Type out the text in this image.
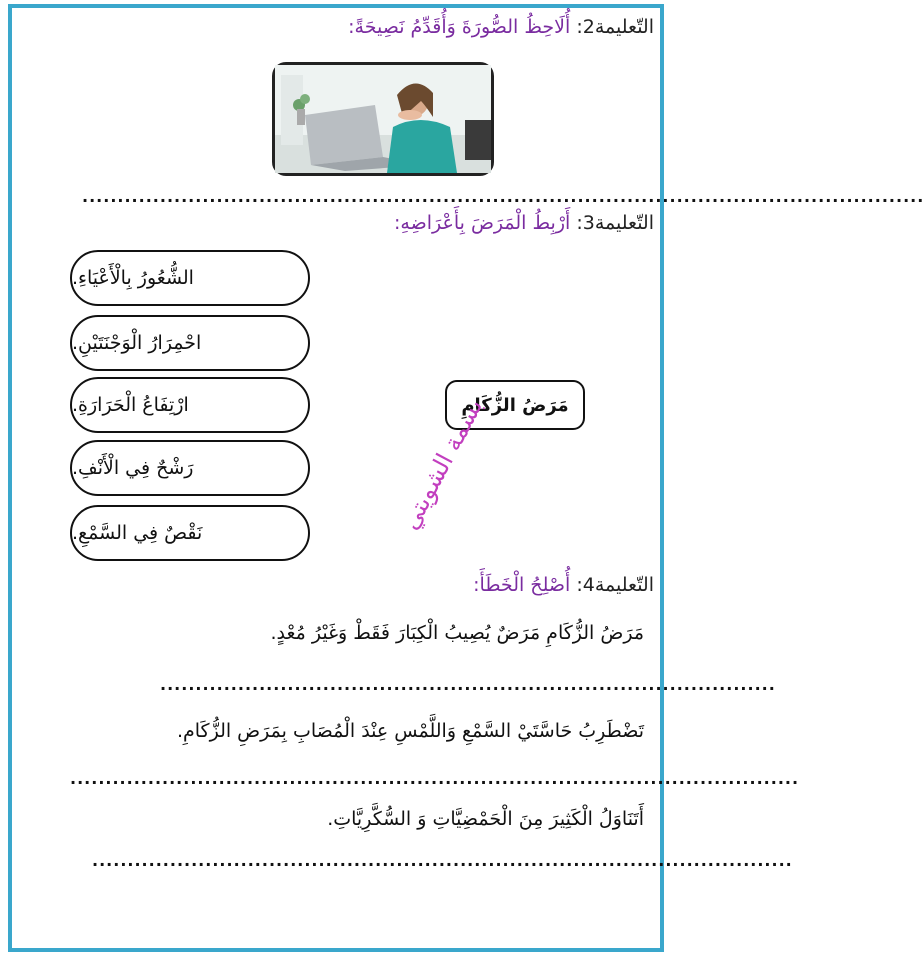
التّعليمة2: أُلَاحِظُ الصُّورَةَ وَأُقَدِّمُ نَصِيحَةً:
.......................................................................................................................
التّعليمة3: أَرْبِطُ الْمَرَضَ بِأَعْرَاضِهِ:
الشُّعُورُ بِالْأَعْيَاءِ.
احْمِرَارُ الْوَجْنَتَيْنِ.
ارْتِفَاعُ الْحَرَارَةِ.
رَشْحٌ فِي الْأَنْفِ.
نَقْصٌ فِي السَّمْعِ.
مَرَضُ الزُّكَامِ
بسمة الشويتي
التّعليمة4: أُصْلِحُ الْخَطَأَ:
مَرَضُ الزُّكَامِ مَرَضٌ يُصِيبُ الْكِبَارَ فَقَطْ وَغَيْرُ مُعْدٍ.
.......................................................................................
تَضْطَرِبُ حَاسَّتَيْ السَّمْعِ وَاللَّمْسِ عِنْدَ الْمُصَابِ بِمَرَضِ الزُّكَامِ.
.......................................................................................................
أَتَنَاوَلُ الْكَثِيرَ مِنَ الْحَمْضِيَّاتِ وَ السُّكَّرِيَّاتِ.
...................................................................................................
